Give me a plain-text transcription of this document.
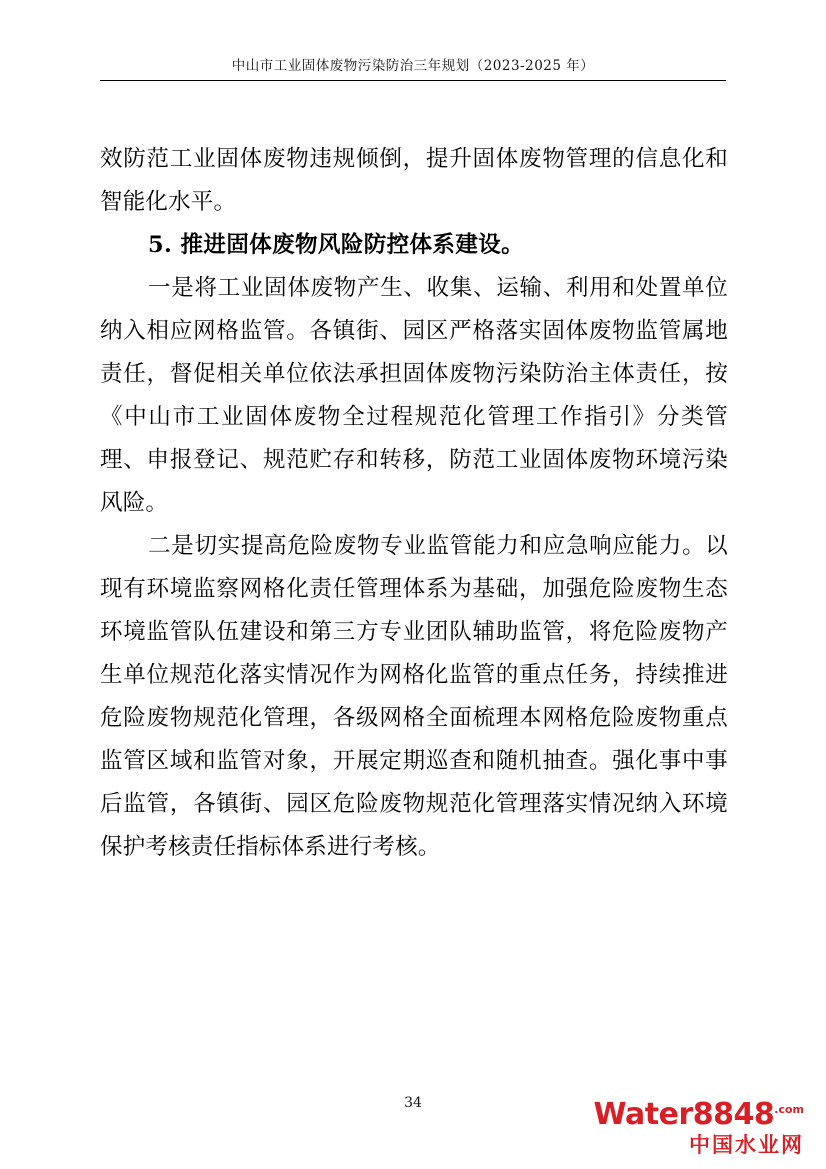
中山市工业固体废物污染防治三年规划（2023-2025 年）

效防范工业固体废物违规倾倒，提升固体废物管理的信息化和智能化水平。

5. 推进固体废物风险防控体系建设。

一是将工业固体废物产生、收集、运输、利用和处置单位纳入相应网格监管。各镇街、园区严格落实固体废物监管属地责任，督促相关单位依法承担固体废物污染防治主体责任，按《中山市工业固体废物全过程规范化管理工作指引》分类管理、申报登记、规范贮存和转移，防范工业固体废物环境污染风险。

二是切实提高危险废物专业监管能力和应急响应能力。以现有环境监察网格化责任管理体系为基础，加强危险废物生态环境监管队伍建设和第三方专业团队辅助监管，将危险废物产生单位规范化落实情况作为网格化监管的重点任务，持续推进危险废物规范化管理，各级网格全面梳理本网格危险废物重点监管区域和监管对象，开展定期巡查和随机抽查。强化事中事后监管，各镇街、园区危险废物规范化管理落实情况纳入环境保护考核责任指标体系进行考核。

34	$Water8848^{.com}$
中国水业网
